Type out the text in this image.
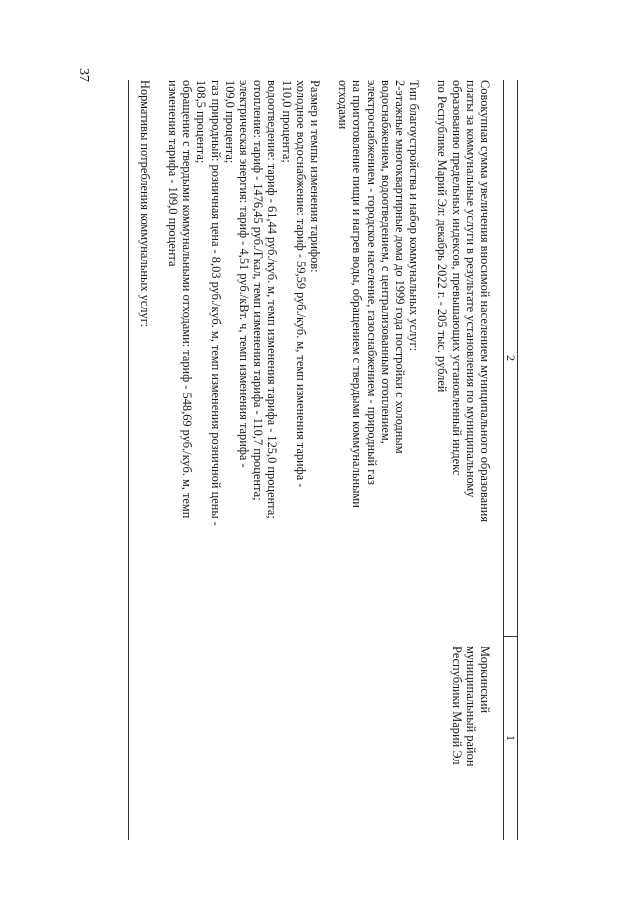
37
1
2
Моркинский
муниципальный район
Республики Марий Эл
Совокупная сумма увеличения вносимой населением муниципального образования
платы за коммунальные услуги в результате установления по муниципальному
образованию предельных индексов, превышающих установленный индекс
по Республике Марий Эл: декабрь 2022 г. - 205 тыс. рублей
Тип благоустройства и набор коммунальных услуг:
2-этажные многоквартирные дома до 1999 года постройки с холодным
водоснабжением, водоотведением, с централизованным отоплением,
электроснабжением - городское население, газоснабжением - природный газ
на приготовление пищи и нагрев воды, обращением с твердыми коммунальными
отходами
Размер и темпы изменения тарифов:
холодное водоснабжение: тариф - 59,59 руб./куб. м, темп изменения тарифа -
110,0 процента;
водоотведение: тариф - 61,44 руб./куб. м, темп изменения тарифа - 125,0 процента;
отопление: тариф - 1476,45 руб./Гкал, темп изменения тарифа - 110,7 процента;
электрическая энергия: тариф - 4,51 руб./кВт. ч, темп изменения тарифа -
109,0 процента;
газ природный: розничная цена - 8,03 руб./куб. м, темп изменения розничной цены -
108,5 процента;
обращение с твердыми коммунальными отходами: тариф - 548,69 руб./куб. м, темп
изменения тарифа - 109,0 процента
Нормативы потребления коммунальных услуг:
